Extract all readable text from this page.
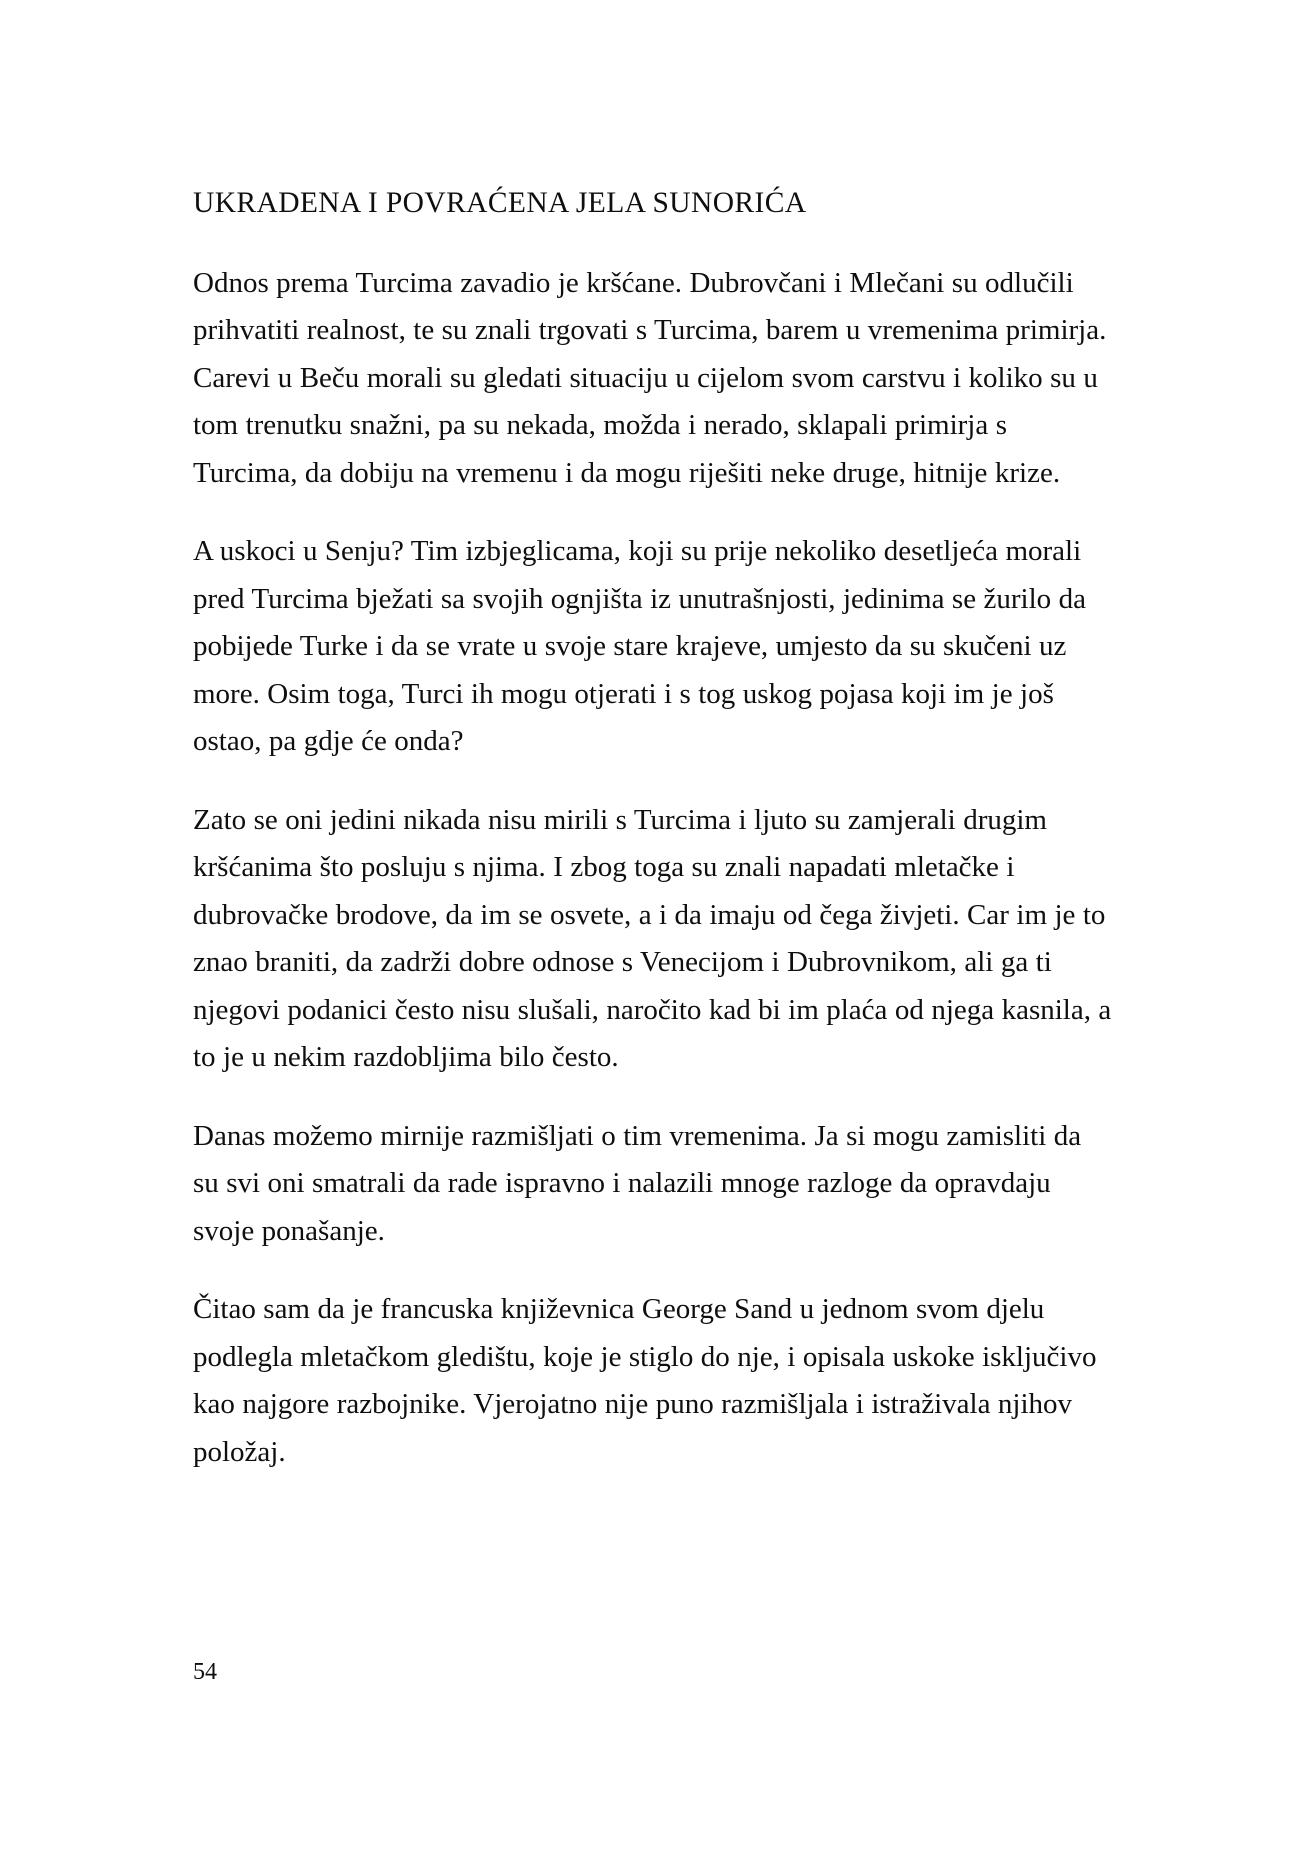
UKRADENA I POVRAĆENA JELA SUNORIĆA

Odnos prema Turcima zavadio je kršćane. Dubrovčani i Mlečani su odlučili prihvatiti realnost, te su znali trgovati s Turcima, barem u vremenima primirja. Carevi u Beču morali su gledati situaciju u cijelom svom carstvu i koliko su u tom trenutku snažni, pa su nekada, možda i nerado, sklapali primirja s Turcima, da dobiju na vremenu i da mogu riješiti neke druge, hitnije krize.

A uskoci u Senju? Tim izbjeglicama, koji su prije nekoliko desetljeća morali pred Turcima bježati sa svojih ognjišta iz unutrašnjosti, jedinima se žurilo da pobijede Turke i da se vrate u svoje stare krajeve, umjesto da su skučeni uz more. Osim toga, Turci ih mogu otjerati i s tog uskog pojasa koji im je još ostao, pa gdje će onda?

Zato se oni jedini nikada nisu mirili s Turcima i ljuto su zamjerali drugim kršćanima što posluju s njima. I zbog toga su znali napadati mletačke i dubrovačke brodove, da im se osvete, a i da imaju od čega živjeti. Car im je to znao braniti, da zadrži dobre odnose s Venecijom i Dubrovnikom, ali ga ti njegovi podanici često nisu slušali, naročito kad bi im plaća od njega kasnila, a to je u nekim razdobljima bilo često.

Danas možemo mirnije razmišljati o tim vremenima. Ja si mogu zamisliti da su svi oni smatrali da rade ispravno i nalazili mnoge razloge da opravdaju svoje ponašanje.

Čitao sam da je francuska književnica George Sand u jednom svom djelu podlegla mletačkom gledištu, koje je stiglo do nje, i opisala uskoke isključivo kao najgore razbojnike. Vjerojatno nije puno razmišljala i istraživala njihov položaj.

54
